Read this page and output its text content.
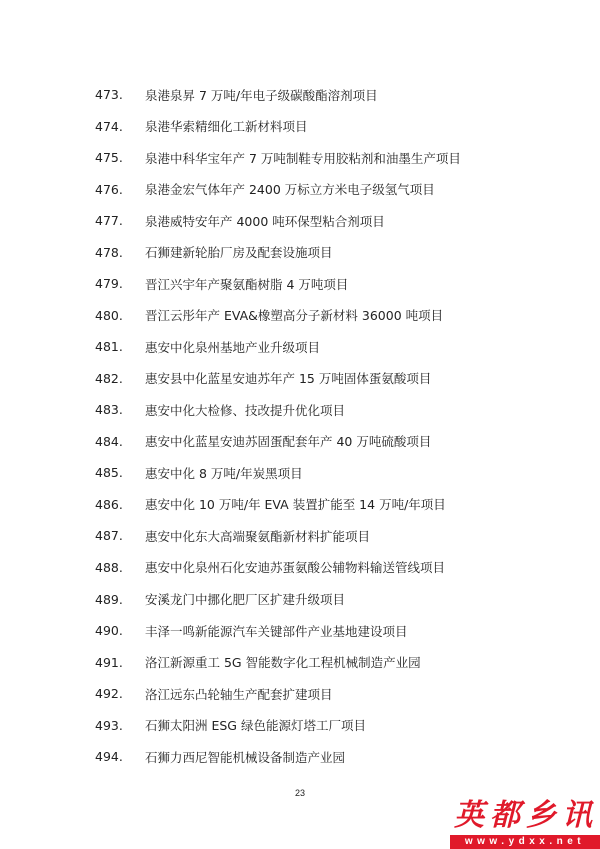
473. 泉港泉昇 7 万吨/年电子级碳酸酯溶剂项目
474. 泉港华索精细化工新材料项目
475. 泉港中科华宝年产 7 万吨制鞋专用胶粘剂和油墨生产项目
476. 泉港金宏气体年产 2400 万标立方米电子级氢气项目
477. 泉港威特安年产 4000 吨环保型粘合剂项目
478. 石狮建新轮胎厂房及配套设施项目
479. 晋江兴宇年产聚氨酯树脂 4 万吨项目
480. 晋江云彤年产 EVA&橡塑高分子新材料 36000 吨项目
481. 惠安中化泉州基地产业升级项目
482. 惠安县中化蓝星安迪苏年产 15 万吨固体蛋氨酸项目
483. 惠安中化大检修、技改提升优化项目
484. 惠安中化蓝星安迪苏固蛋配套年产 40 万吨硫酸项目
485. 惠安中化 8 万吨/年炭黑项目
486. 惠安中化 10 万吨/年 EVA 装置扩能至 14 万吨/年项目
487. 惠安中化东大高端聚氨酯新材料扩能项目
488. 惠安中化泉州石化安迪苏蛋氨酸公辅物料输送管线项目
489. 安溪龙门中挪化肥厂区扩建升级项目
490. 丰泽一鸣新能源汽车关键部件产业基地建设项目
491. 洛江新源重工 5G 智能数字化工程机械制造产业园
492. 洛江远东凸轮轴生产配套扩建项目
493. 石狮太阳洲 ESG 绿色能源灯塔工厂项目
494. 石狮力西尼智能机械设备制造产业园
23
英都乡讯
www.ydxx.net
